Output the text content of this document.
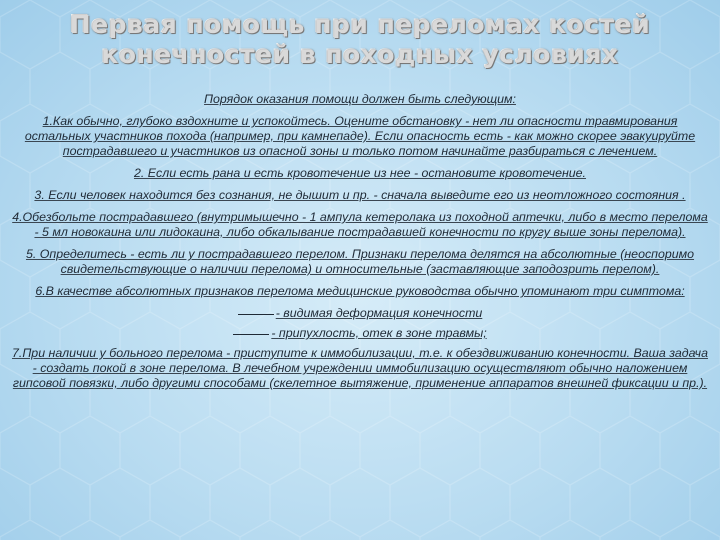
Первая помощь при переломах костей
конечностей в походных условиях

Порядок оказания помощи должен быть следующим:

1.Как обычно, глубоко вздохните и успокойтесь. Оцените обстановку - нет ли опасности травмирования остальных участников похода (например, при камнепаде). Если опасность есть - как можно скорее эвакуируйте пострадавшего и участников из опасной зоны и только потом начинайте разбираться с лечением.

2. Если есть рана и есть кровотечение из нее - остановите кровотечение.

3. Если человек находится без сознания, не дышит и пр. - сначала выведите его из неотложного состояния .

4.Обезбольте пострадавшего (внутримышечно - 1 ампула кетеролака из походной аптечки, либо в место перелома - 5 мл новокаина или лидокаина, либо обкалывание пострадавшей конечности по кругу выше зоны перелома).

5. Определитесь - есть ли у пострадавшего перелом. Признаки перелома делятся на абсолютные (неоспоримо свидетельствующие о наличии перелома) и относительные (заставляющие заподозрить перелом).

6.В качестве абсолютных признаков перелома медицинские руководства обычно упоминают три симптома:

- видимая деформация конечности

- припухлость, отек в зоне травмы;

7.При наличии у больного перелома - приступите к иммобилизации, т.е. к обездвиживанию конечности. Ваша задача - создать покой в зоне перелома. В лечебном учреждении иммобилизацию осуществляют обычно наложением гипсовой повязки, либо другими способами (скелетное вытяжение, применение аппаратов внешней фиксации и пр.).
